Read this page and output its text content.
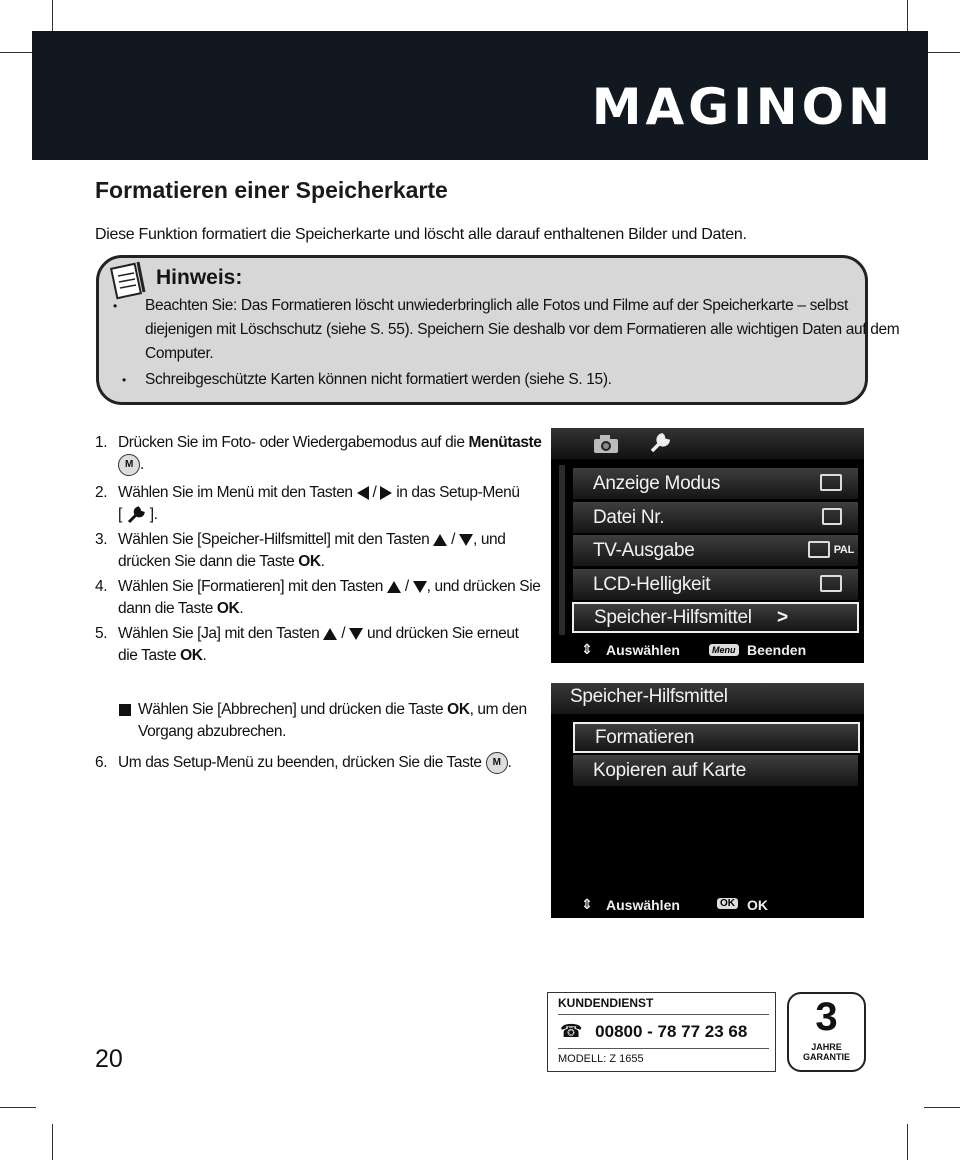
MAGINON
Formatieren einer Speicherkarte
Diese Funktion formatiert die Speicherkarte und löscht alle darauf enthaltenen Bilder und Daten.
Hinweis:
• Beachten Sie: Das Formatieren löscht unwiederbringlich alle Fotos und Filme auf der Speicherkarte – selbst
diejenigen mit Löschschutz (siehe S. 55). Speichern Sie deshalb vor dem Formatieren alle wichtigen Daten auf dem
Computer.
• Schreibgeschützte Karten können nicht formatiert werden (siehe S. 15).
1. Drücken Sie im Foto- oder Wiedergabemodus auf die Menütaste
M .
2. Wählen Sie im Menü mit den Tasten / in das Setup-Menü
[ ].
3. Wählen Sie [Speicher-Hilfsmittel] mit den Tasten / , und
drücken Sie dann die Taste OK.
4. Wählen Sie [Formatieren] mit den Tasten / , und drücken Sie
dann die Taste OK.
5. Wählen Sie [Ja] mit den Tasten / und drücken Sie erneut
die Taste OK.
Wählen Sie [Abbrechen] und drücken die Taste OK, um den
Vorgang abzubrechen.
6. Um das Setup-Menü zu beenden, drücken Sie die Taste M .
Anzeige Modus
Datei Nr.
TV-Ausgabe	PAL
LCD-Helligkeit
Speicher-Hilfsmittel >
⇕ Auswählen	Menu Beenden
Speicher-Hilfsmittel
Formatieren
Kopieren auf Karte
⇕ Auswählen	OK OK
KUNDENDIENST
☎ 00800 - 78 77 23 68
MODELL: Z 1655
3
JAHRE
GARANTIE
20
